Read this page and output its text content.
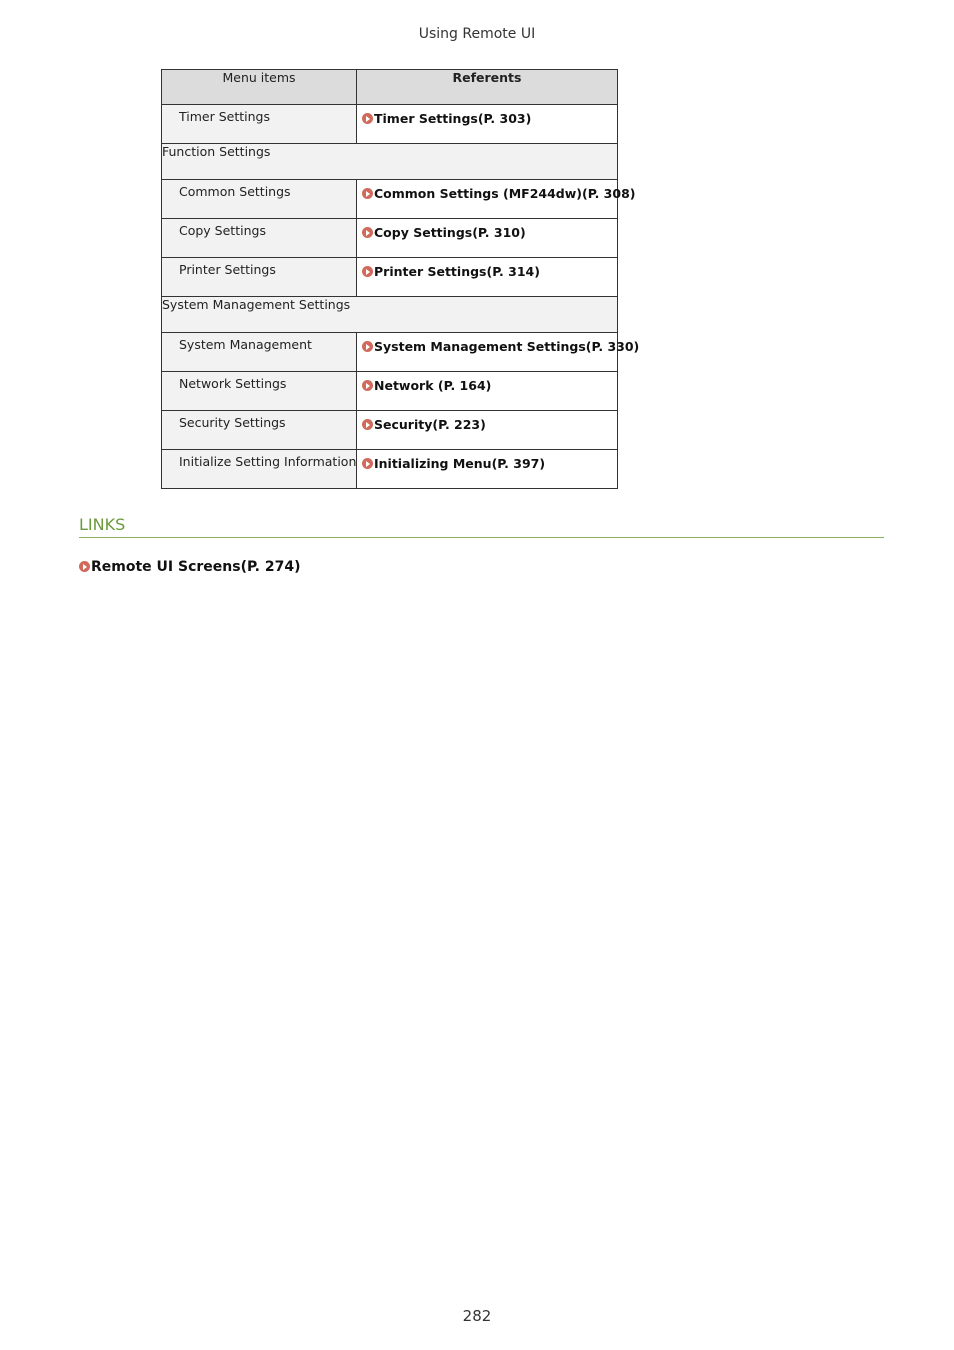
Using Remote UI
Menu items	Referents
Timer Settings	Timer Settings(P. 303)
Function Settings	
Common Settings	Common Settings (MF244dw)(P. 308)
Copy Settings	Copy Settings(P. 310)
Printer Settings	Printer Settings(P. 314)
System Management Settings	
System Management	System Management Settings(P. 330)
Network Settings	Network (P. 164)
Security Settings	Security(P. 223)
Initialize Setting Information	Initializing Menu(P. 397)
LINKS
Remote UI Screens(P. 274)
282
